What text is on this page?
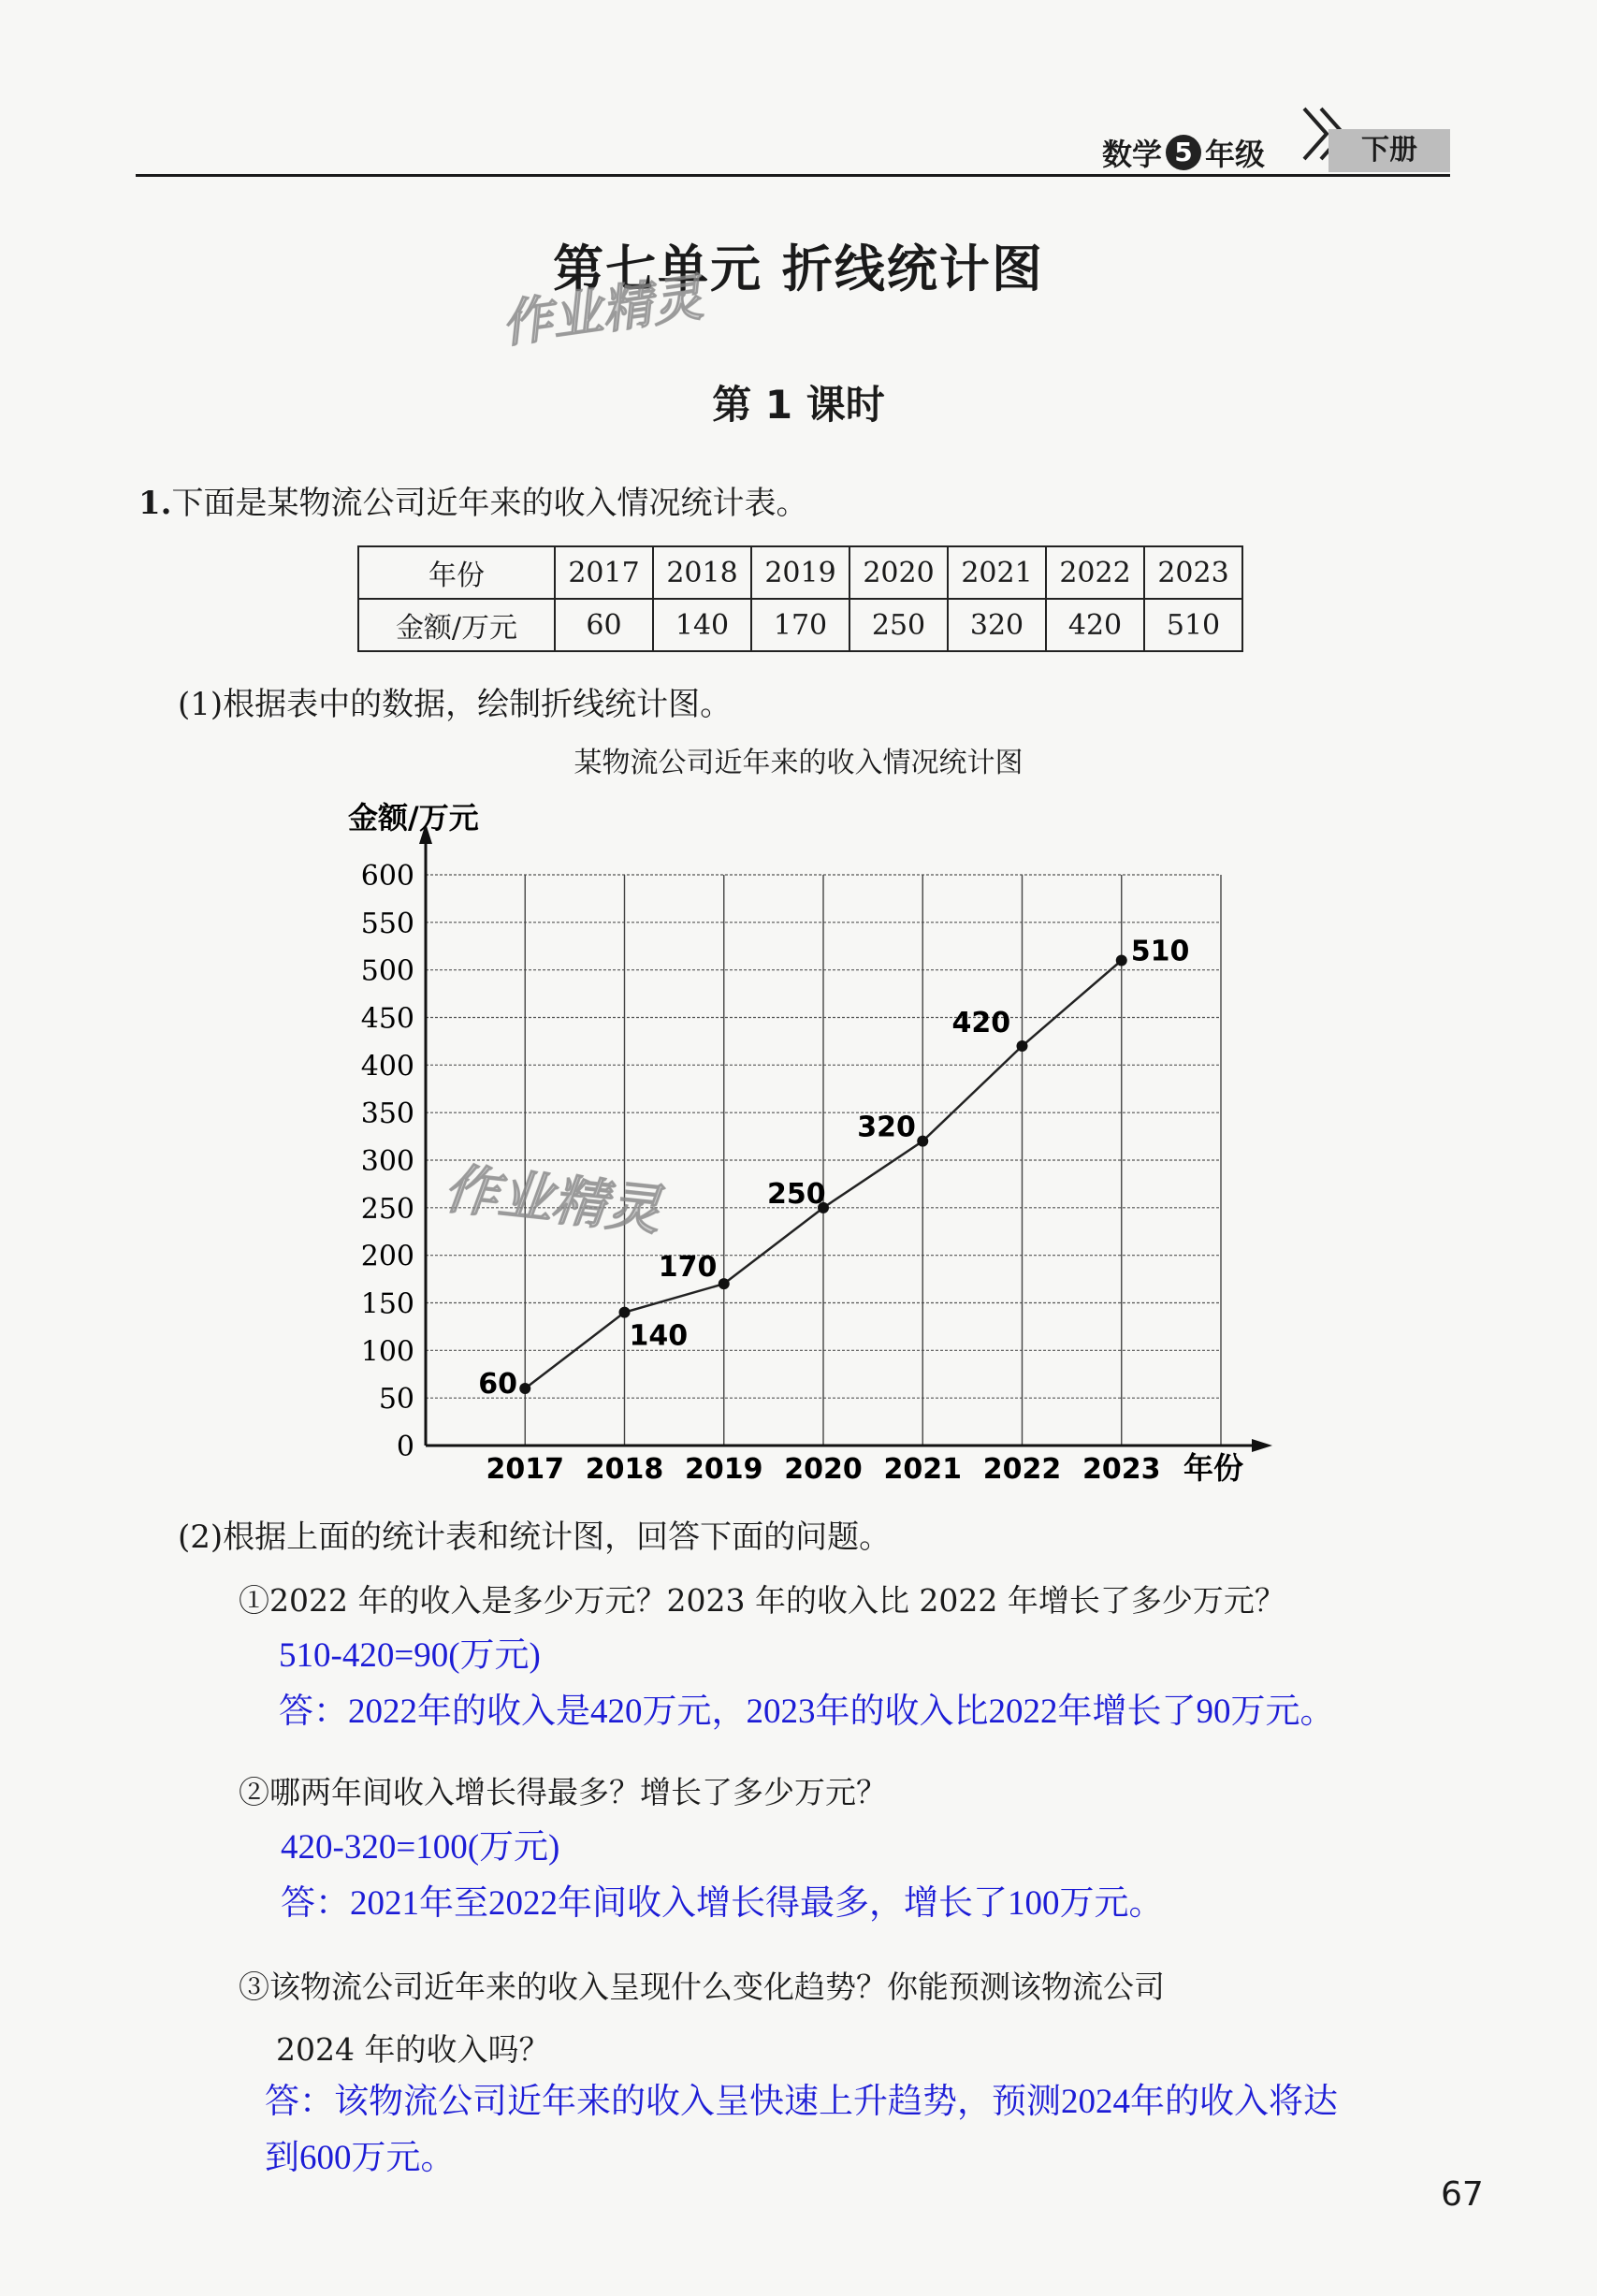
数学 5 年级	下册
第七单元 折线统计图
作业精灵
第 1 课时
1.下面是某物流公司近年来的收入情况统计表。
年份	2017	2018	2019	2020	2021	2022	2023
金额/万元	60	140	170	250	320	420	510
(1)根据表中的数据，绘制折线统计图。
某物流公司近年来的收入情况统计图
0
50
100
150
200
250
300
350
400
450
500
550
600
2017 2018 2019 2020 2021 2022 2023
60
140
170
250
320
420
510
金额/万元
年份
作业精灵
(2)根据上面的统计表和统计图，回答下面的问题。
①2022 年的收入是多少万元？2023 年的收入比 2022 年增长了多少万元？
510-420=90(万元)
答：2022年的收入是420万元，2023年的收入比2022年增长了90万元。
②哪两年间收入增长得最多？增长了多少万元？
420-320=100(万元)
答：2021年至2022年间收入增长得最多，增长了100万元。
③该物流公司近年来的收入呈现什么变化趋势？你能预测该物流公司
2024 年的收入吗？
答：该物流公司近年来的收入呈快速上升趋势，预测2024年的收入将达
到600万元。
67
